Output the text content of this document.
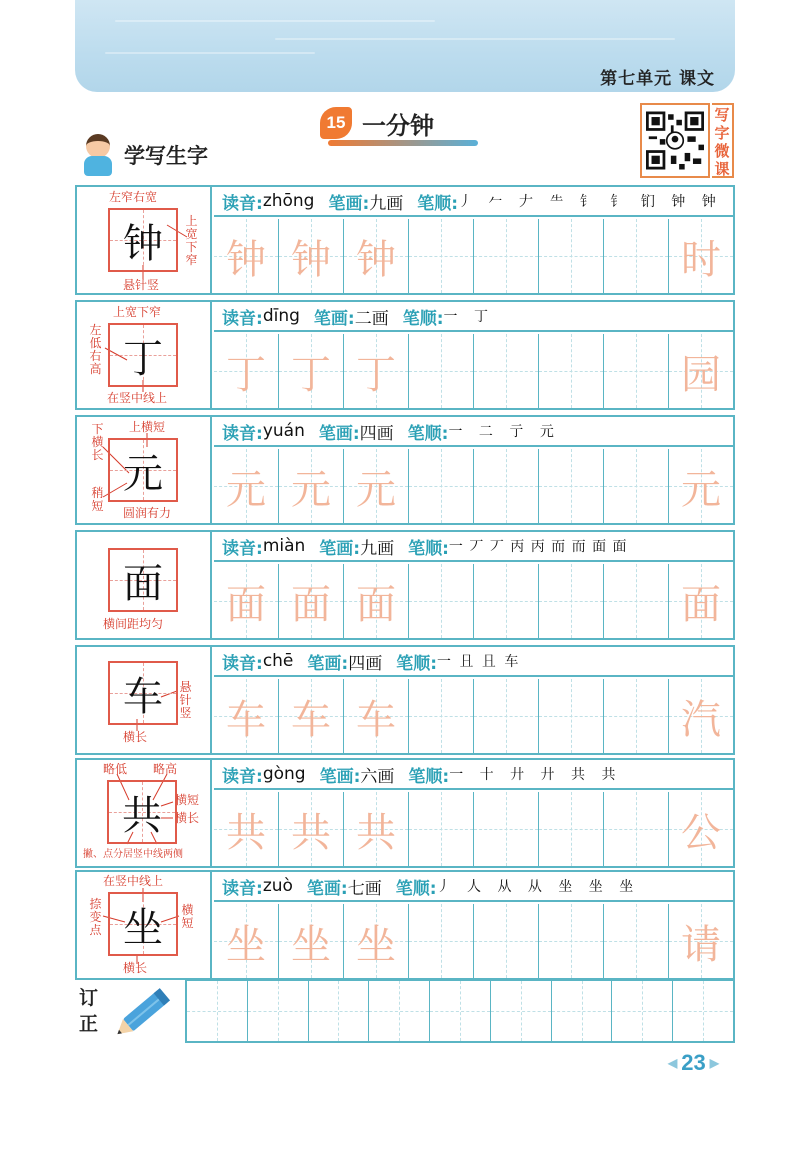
第七单元 课文
学写生字
15 一分钟	写字微课
左窄右宽
上宽下窄
悬针竖
钟
读音: zhōng 笔画: 九画 笔顺: 丿 𠂉 𠂇 ⺧ 钅 钅 钔 钟 钟
钟 钟 钟	时
上宽下窄
左低右高
在竖中线上
丁
读音: dīng 笔画: 二画 笔顺: 一 丁
丁 丁 丁	园
上横短
下横长
稍短 圆润有力
元
读音: yuán 笔画: 四画 笔顺: 一 二 亍 元
元 元 元	元
横间距均匀
面
读音: miàn 笔画: 九画 笔顺: 一 丆 丆 丙 丙 而 而 面 面
面 面 面	面
悬针竖
横长
车
读音: chē 笔画: 四画 笔顺: 一 𠀇 𠀇 车
车 车 车	汽
略低 略高
横短
横长
撇、点分居竖中线两侧
共
读音: gòng 笔画: 六画 笔顺: 一 十 廾 廾 共 共
共 共 共	公
在竖中线上
捺变点
横短
横长
坐
读音: zuò 笔画: 七画 笔顺: 丿 人 从 从 坐 坐 坐
坐 坐 坐	请
订正
◀ 23 ▶
